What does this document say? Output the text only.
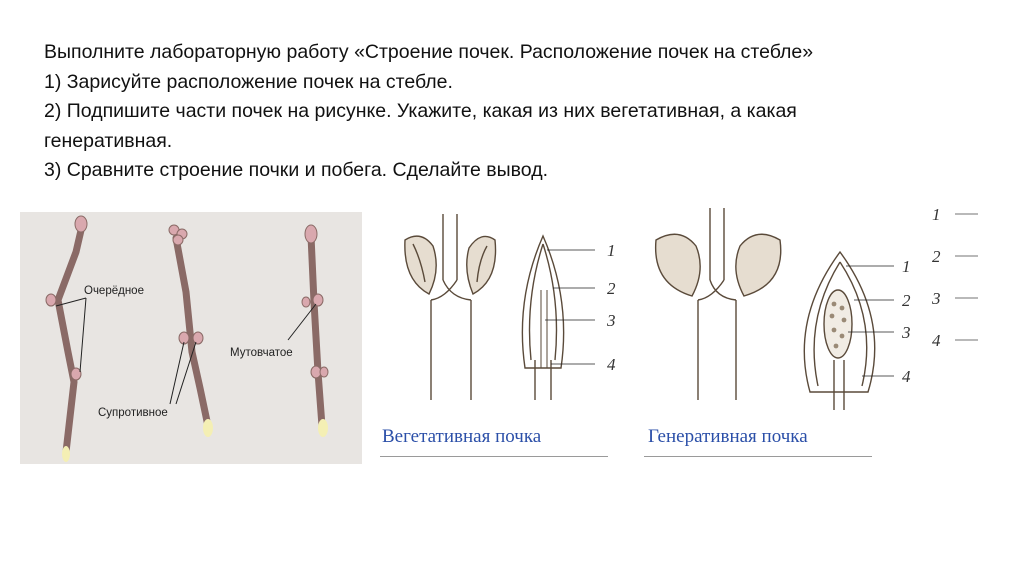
Выполните лабораторную работу «Строение почек. Расположение почек на стебле»
1) Зарисуйте расположение почек на стебле.
2) Подпишите части почек на рисунке. Укажите, какая из них вегетативная, а какая
генеративная.
3) Сравните строение почки и побега. Сделайте вывод.
Очерёдное
Супротивное
Мутовчатое
1
2
3
4
1
2
3
4
1
2
3
4
Вегетативная почка	Генеративная почка
